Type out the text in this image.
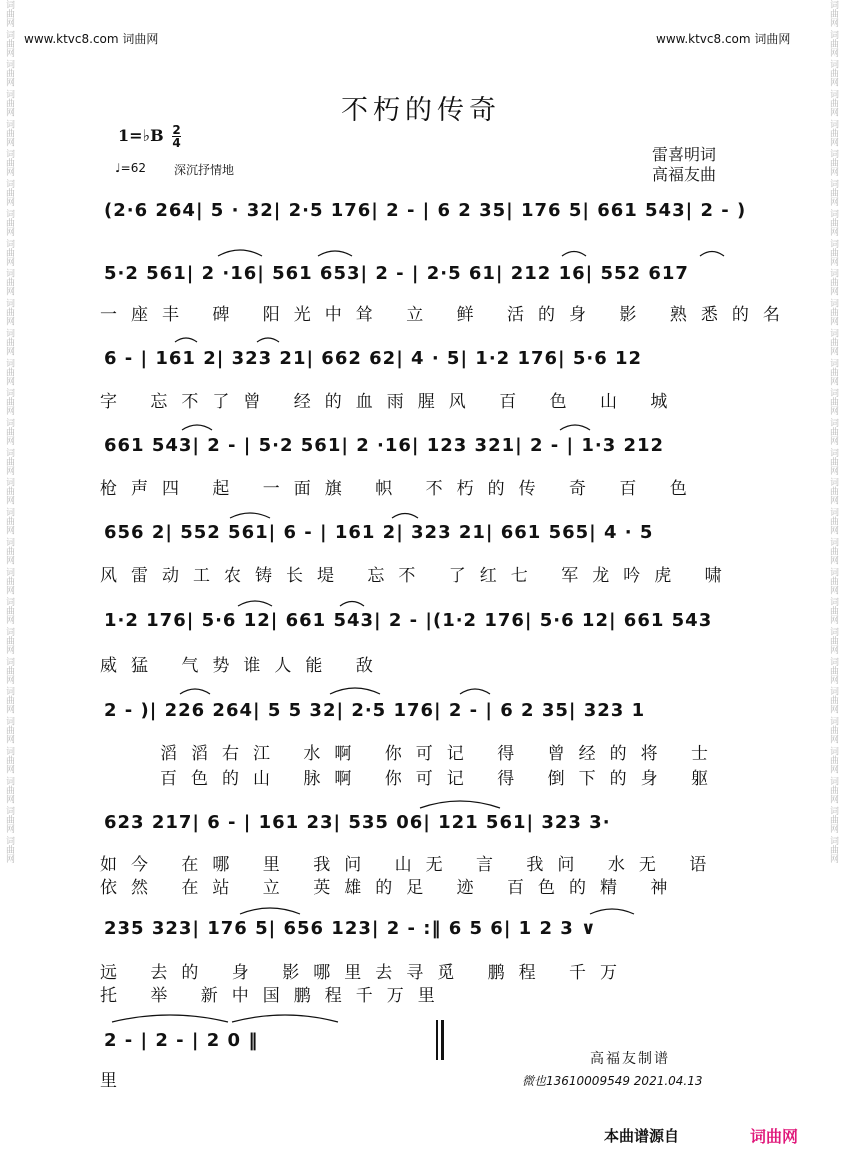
词曲网 词曲网 词曲网 词曲网 词曲网 词曲网 词曲网 词曲网 词曲网 词曲网 词曲网 词曲网 词曲网 词曲网 词曲网 词曲网 词曲网 词曲网 词曲网 词曲网 词曲网 词曲网 词曲网 词曲网 词曲网 词曲网 词曲网 词曲网 词曲网	词曲网 词曲网 词曲网 词曲网 词曲网 词曲网 词曲网 词曲网 词曲网 词曲网 词曲网 词曲网 词曲网 词曲网 词曲网 词曲网 词曲网 词曲网 词曲网 词曲网 词曲网 词曲网 词曲网 词曲网 词曲网 词曲网 词曲网 词曲网 词曲网
www.ktvc8.com 词曲网	www.ktvc8.com 词曲网
不朽的传奇
1=♭B 2
4
♩=62 深沉抒情地
雷喜明词
高福友曲
(2·6 264| 5 · 32| 2·5 176| 2 - | 6 2 35| 176 5| 661 543| 2 - )
5·2 561| 2 ·16| 561 653| 2 - | 2·5 61| 212 16| 552 617
一座丰 碑 阳光中耸 立 鲜 活的身 影 熟悉的名
6 - | 161 2| 323 21| 662 62| 4 · 5| 1·2 176| 5·6 12
字 忘不了曾 经的血雨腥风 百 色 山 城
661 543| 2 - | 5·2 561| 2 ·16| 123 321| 2 - | 1·3 212
枪声四 起 一面旗 帜 不朽的传 奇 百 色
656 2| 552 561| 6 - | 161 2| 323 21| 661 565| 4 · 5
风雷动工农铸长堤 忘不 了红七 军龙吟虎 啸
1·2 176| 5·6 12| 661 543| 2 - |(1·2 176| 5·6 12| 661 543
威猛 气势谁人能 敌
2 - )| 226 264| 5 5 32| 2·5 176| 2 - | 6 2 35| 323 1
滔滔右江 水啊 你可记 得 曾经的将 士
百色的山 脉啊 你可记 得 倒下的身 躯
623 217| 6 - | 161 23| 535 06| 121 561| 323 3·
如今 在哪 里 我问 山无 言 我问 水无 语
依然 在站 立 英雄的足 迹 百色的精 神
235 323| 176 5| 656 123| 2 - :‖ 6 5 6| 1 2 3 ∨
远 去的 身 影哪里去寻觅 鹏程 千万
托 举 新中国鹏程千万里
2 - | 2 - | 2 0 ‖
里
高福友制谱
微也13610009549 2021.04.13
本曲谱源自	词曲网
